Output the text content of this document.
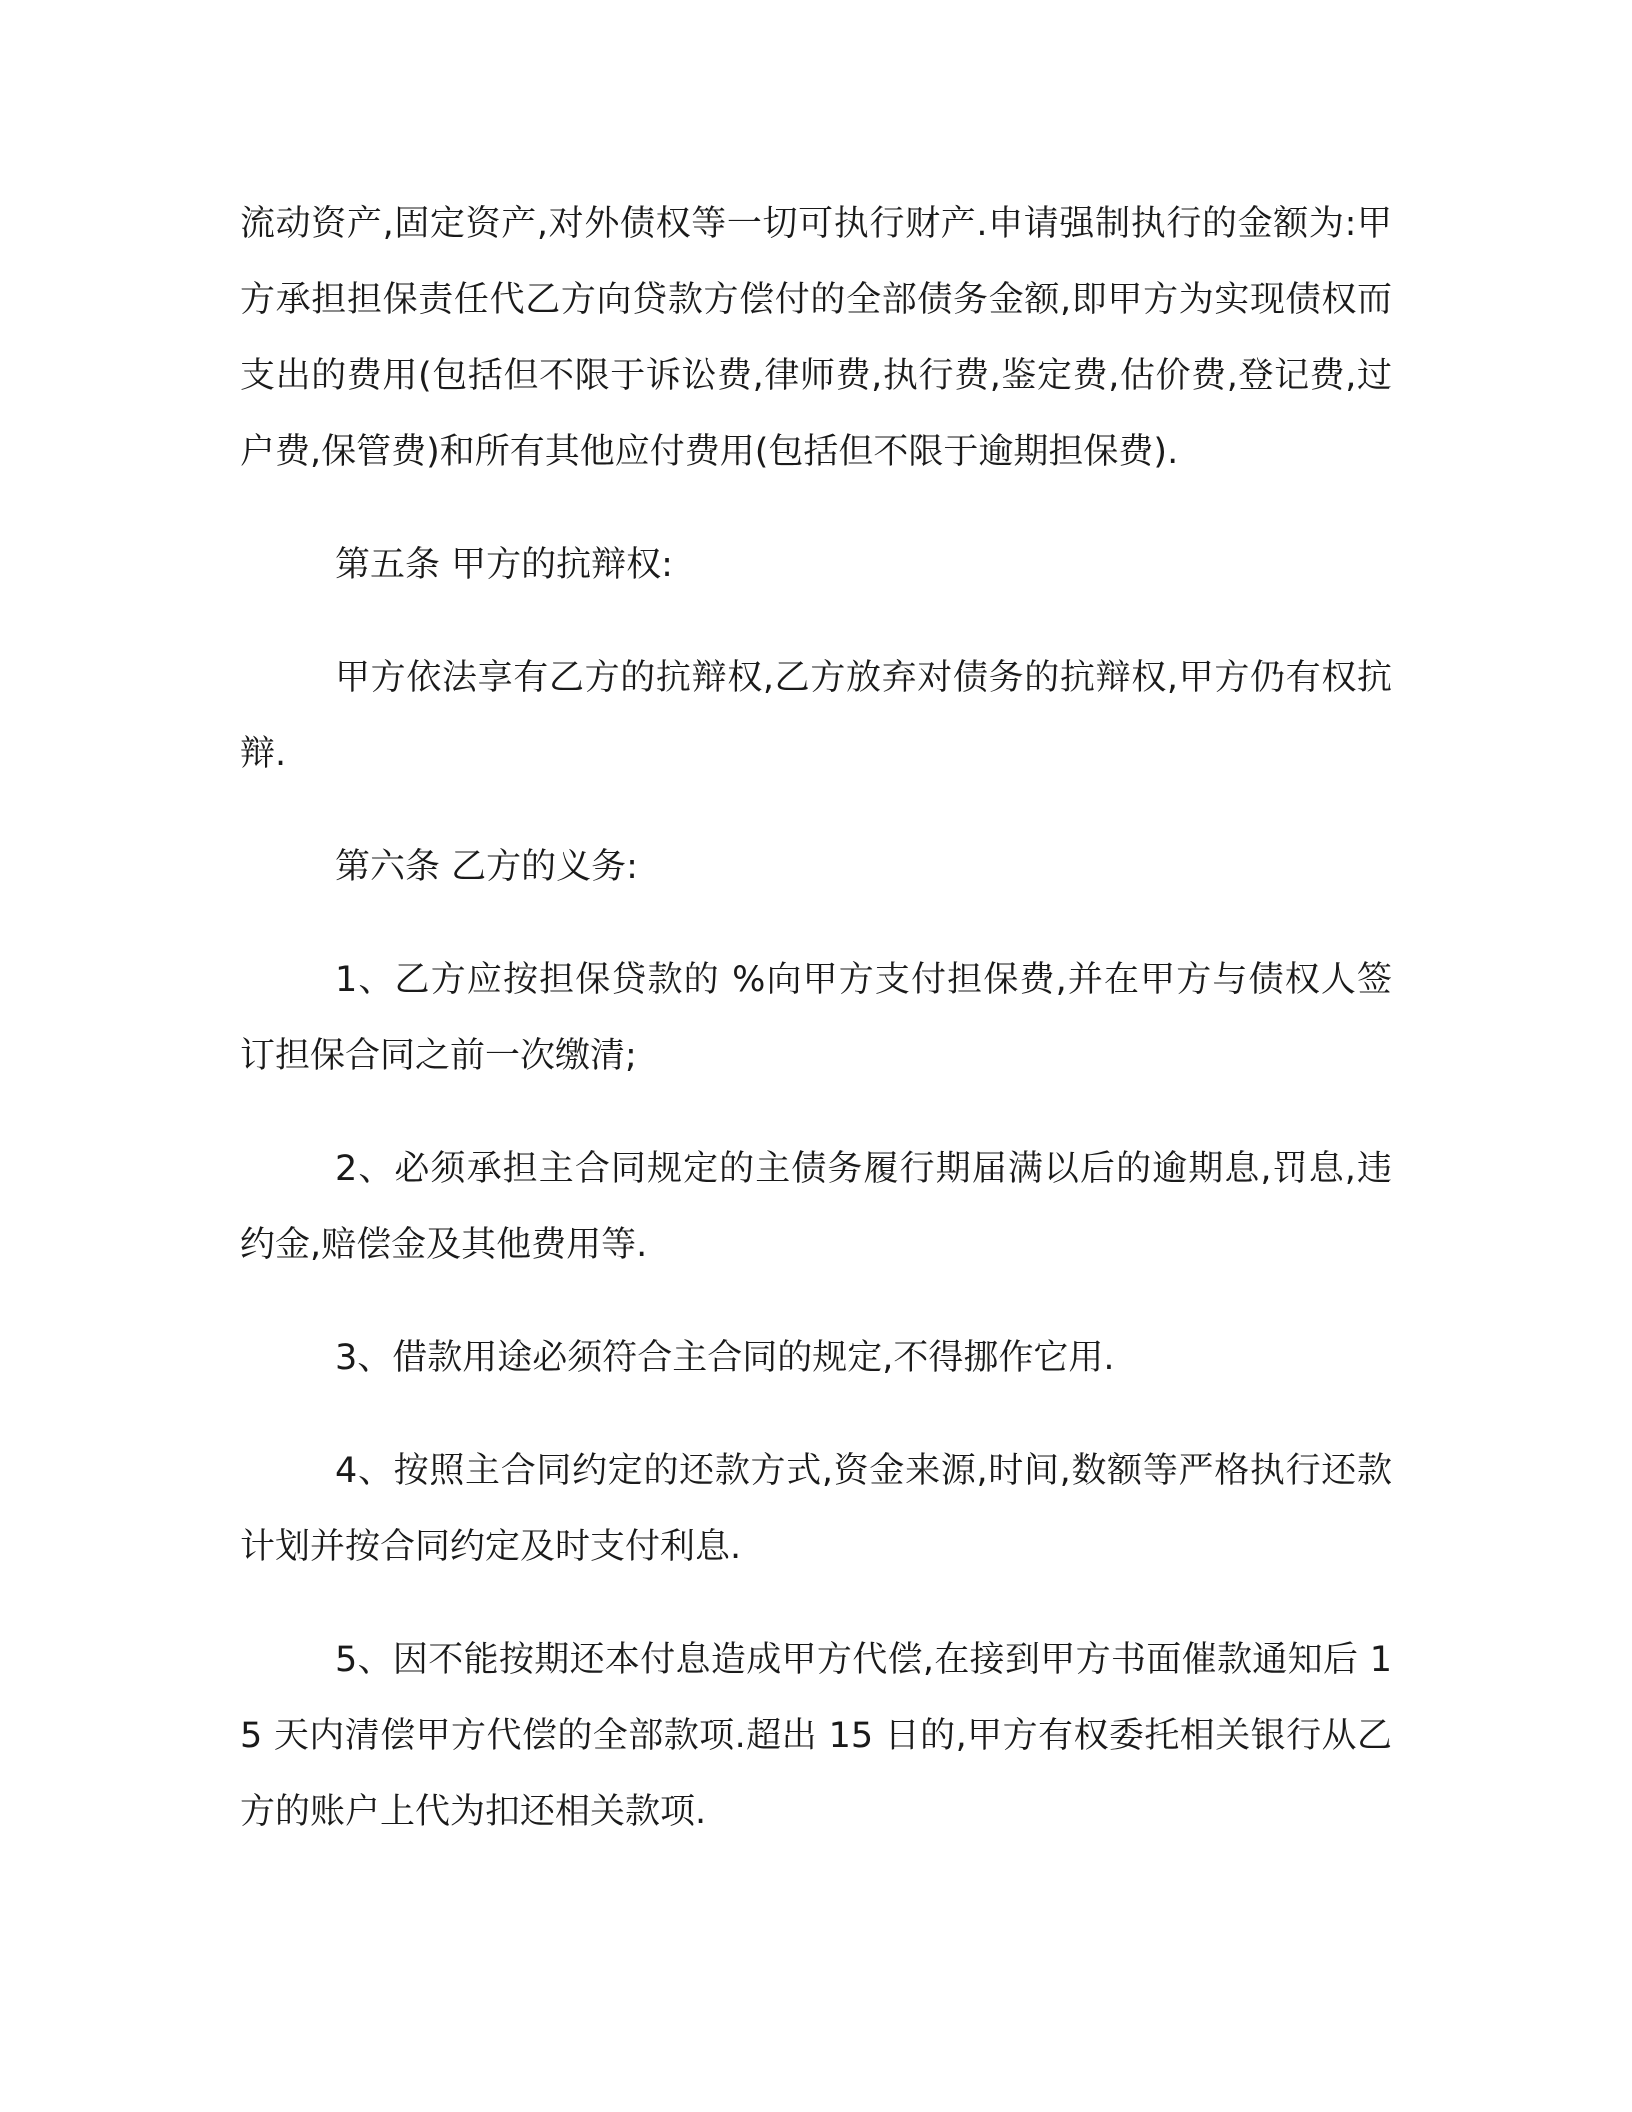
流动资产,固定资产,对外债权等一切可执行财产.申请强制执行的金额为:甲方承担担保责任代乙方向贷款方偿付的全部债务金额,即甲方为实现债权而支出的费用(包括但不限于诉讼费,律师费,执行费,鉴定费,估价费,登记费,过户费,保管费)和所有其他应付费用(包括但不限于逾期担保费).

第五条 甲方的抗辩权:

甲方依法享有乙方的抗辩权,乙方放弃对债务的抗辩权,甲方仍有权抗辩.

第六条 乙方的义务:

1、乙方应按担保贷款的 %向甲方支付担保费,并在甲方与债权人签订担保合同之前一次缴清;

2、必须承担主合同规定的主债务履行期届满以后的逾期息,罚息,违约金,赔偿金及其他费用等.

3、借款用途必须符合主合同的规定,不得挪作它用.

4、按照主合同约定的还款方式,资金来源,时间,数额等严格执行还款计划并按合同约定及时支付利息.

5、因不能按期还本付息造成甲方代偿,在接到甲方书面催款通知后 15 天内清偿甲方代偿的全部款项.超出 15 日的,甲方有权委托相关银行从乙方的账户上代为扣还相关款项.
